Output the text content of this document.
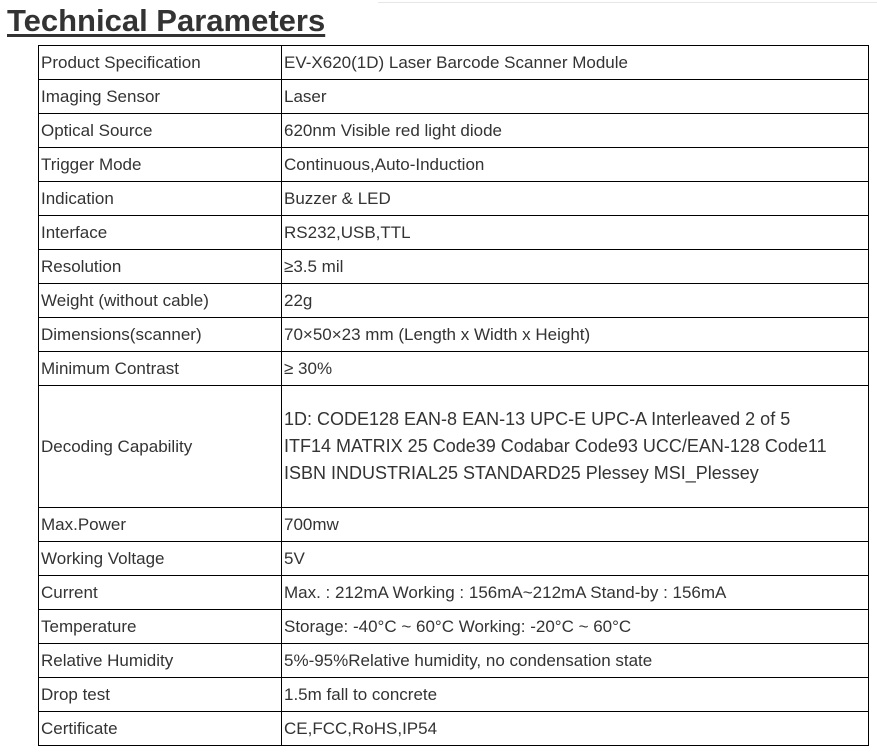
Technical Parameters
Product Specification	EV-X620(1D) Laser Barcode Scanner Module
Imaging Sensor	Laser
Optical Source	620nm Visible red light diode
Trigger Mode	Continuous,Auto-Induction
Indication	Buzzer & LED
Interface	RS232,USB,TTL
Resolution	≥3.5 mil
Weight (without cable)	22g
Dimensions(scanner)	70×50×23 mm (Length x Width x Height)
Minimum Contrast	≥ 30%
Decoding Capability	1D: CODE128 EAN-8 EAN-13 UPC-E UPC-A Interleaved 2 of 5
ITF14 MATRIX 25 Code39 Codabar Code93 UCC/EAN-128 Code11
ISBN INDUSTRIAL25 STANDARD25 Plessey MSI_Plessey

Max.Power	700mw
Working Voltage	5V
Current	Max. : 212mA Working : 156mA~212mA Stand-by : 156mA
Temperature	Storage: -40°C ~ 60°C Working: -20°C ~ 60°C
Relative Humidity	5%-95%Relative humidity, no condensation state
Drop test	1.5m fall to concrete
Certificate	CE,FCC,RoHS,IP54
